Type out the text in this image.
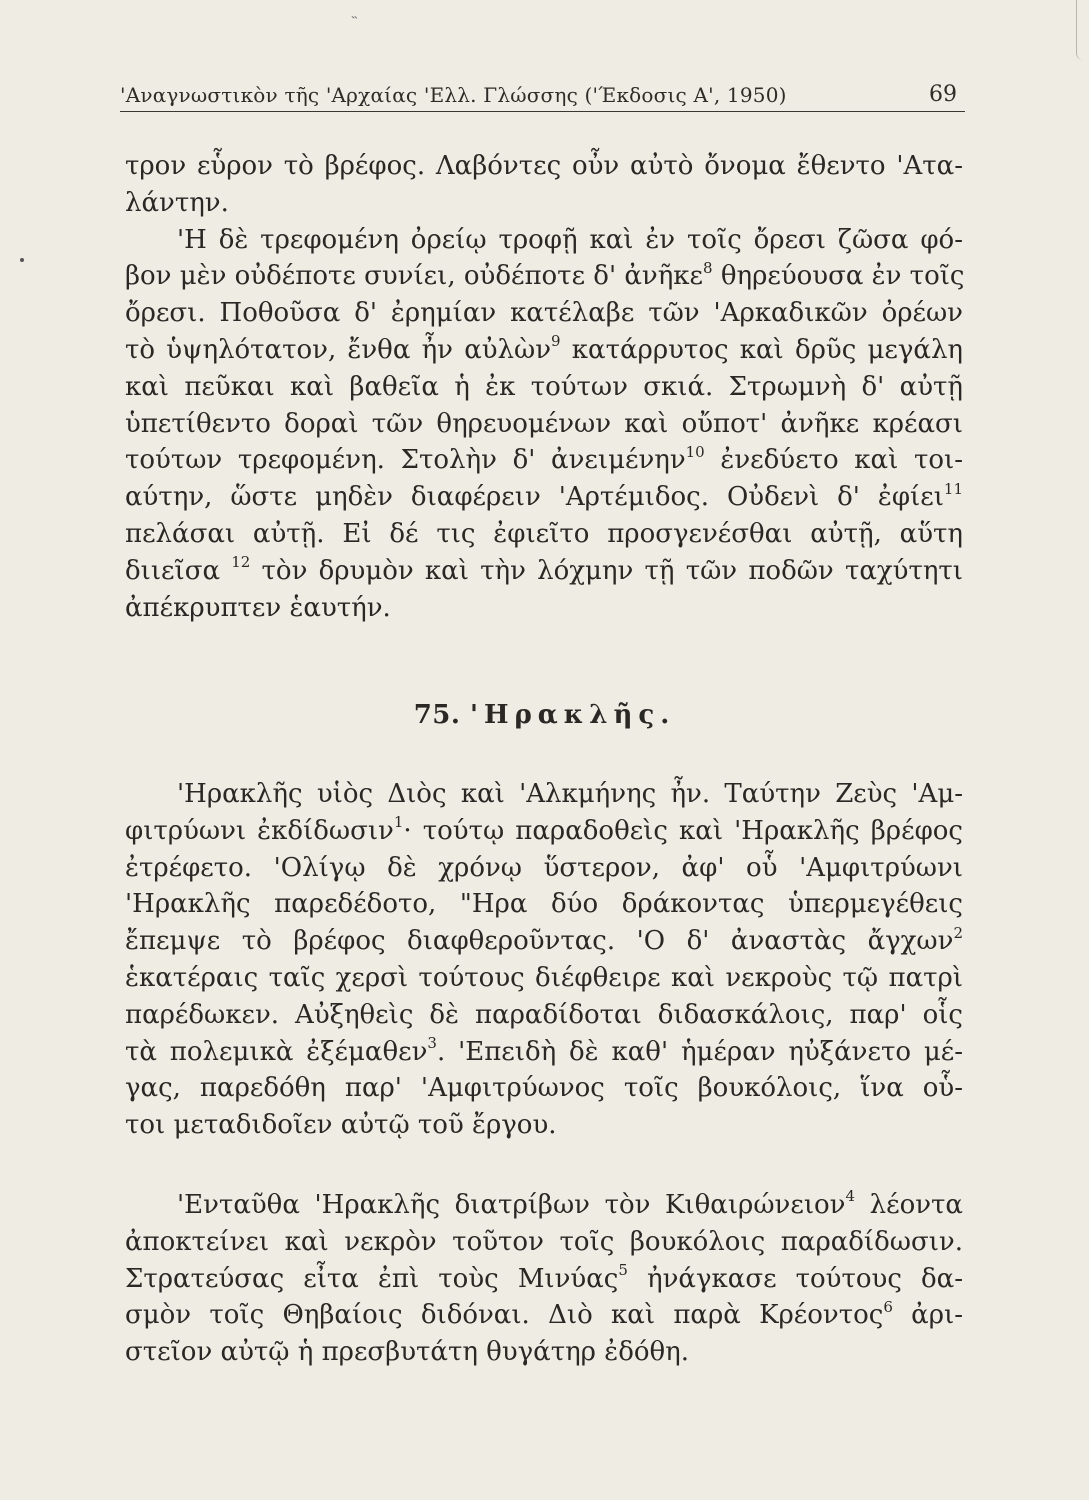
˵
'Αναγνωστικὸν τῆς 'Αρχαίας 'Ελλ. Γλώσσης ('Έκδοσις Α', 1950)	69
τρον εὗρον τὸ βρέφος. Λαβόντες οὖν αὐτὸ ὄνομα ἔθεντο 'Ατα-
λάντην.
'Η δὲ τρεφομένη ὀρείῳ τροφῇ καὶ ἐν τοῖς ὄρεσι ζῶσα φό-
βον μὲν οὐδέποτε συνίει, οὐδέποτε δ' ἀνῆκε$^8$ θηρεύουσα ἐν τοῖς
ὄρεσι. Ποθοῦσα δ' ἐρημίαν κατέλαβε τῶν 'Αρκαδικῶν ὀρέων
τὸ ὑψηλότατον, ἔνθα ἦν αὐλὼν$^9$ κατάρρυτος καὶ δρῦς μεγάλη
καὶ πεῦκαι καὶ βαθεῖα ἡ ἐκ τούτων σκιά. Στρωμνὴ δ' αὐτῇ
ὑπετίθεντο δοραὶ τῶν θηρευομένων καὶ οὔποτ' ἀνῆκε κρέασι
τούτων τρεφομένη. Στολὴν δ' ἀνειμένην$^{10}$ ἐνεδύετο καὶ τοι-
αύτην, ὥστε μηδὲν διαφέρειν 'Αρτέμιδος. Οὐδενὶ δ' ἐφίει$^{11}$
πελάσαι αὐτῇ. Εἰ δέ τις ἐφιεῖτο προσγενέσθαι αὐτῇ, αὕτη
διιεῖσα $^{12}$ τὸν δρυμὸν καὶ τὴν λόχμην τῇ τῶν ποδῶν ταχύτητι
ἀπέκρυπτεν ἑαυτήν.
75. 'Ηρακλῆς.
'Ηρακλῆς υἱὸς Διὸς καὶ 'Αλκμήνης ἦν. Ταύτην Ζεὺς 'Αμ-
φιτρύωνι ἐκδίδωσιν$^1$· τούτῳ παραδοθεὶς καὶ 'Ηρακλῆς βρέφος
ἐτρέφετο. 'Ολίγῳ δὲ χρόνῳ ὕστερον, ἀφ' οὗ 'Αμφιτρύωνι
'Ηρακλῆς παρεδέδοτο, "Ηρα δύο δράκοντας ὑπερμεγέθεις
ἔπεμψε τὸ βρέφος διαφθεροῦντας. 'Ο δ' ἀναστὰς ἄγχων$^2$
ἑκατέραις ταῖς χερσὶ τούτους διέφθειρε καὶ νεκροὺς τῷ πατρὶ
παρέδωκεν. Αὐξηθεὶς δὲ παραδίδοται διδασκάλοις, παρ' οἷς
τὰ πολεμικὰ ἐξέμαθεν$^3$. 'Επειδὴ δὲ καθ' ἡμέραν ηὐξάνετο μέ-
γας, παρεδόθη παρ' 'Αμφιτρύωνος τοῖς βουκόλοις, ἵνα οὗ-
τοι μεταδιδοῖεν αὐτῷ τοῦ ἔργου.
'Ενταῦθα 'Ηρακλῆς διατρίβων τὸν Κιθαιρώνειον$^4$ λέοντα
ἀποκτείνει καὶ νεκρὸν τοῦτον τοῖς βουκόλοις παραδίδωσιν.
Στρατεύσας εἶτα ἐπὶ τοὺς Μινύας$^5$ ἠνάγκασε τούτους δα-
σμὸν τοῖς Θηβαίοις διδόναι. Διὸ καὶ παρὰ Κρέοντος$^6$ ἀρι-
στεῖον αὐτῷ ἡ πρεσβυτάτη θυγάτηρ ἐδόθη.
